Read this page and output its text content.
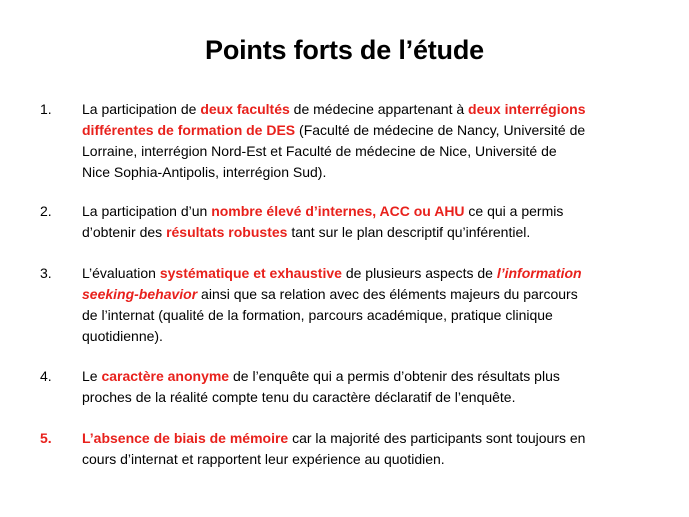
Points forts de l’étude
1. La participation de deux facultés de médecine appartenant à deux interrégions
différentes de formation de DES (Faculté de médecine de Nancy, Université de
Lorraine, interrégion Nord-Est et Faculté de médecine de Nice, Université de
Nice Sophia-Antipolis, interrégion Sud).
2. La participation d’un nombre élevé d’internes, ACC ou AHU ce qui a permis
d’obtenir des résultats robustes tant sur le plan descriptif qu’inférentiel.
3. L’évaluation systématique et exhaustive de plusieurs aspects de l’information
seeking-behavior ainsi que sa relation avec des éléments majeurs du parcours
de l’internat (qualité de la formation, parcours académique, pratique clinique
quotidienne).
4. Le caractère anonyme de l’enquête qui a permis d’obtenir des résultats plus
proches de la réalité compte tenu du caractère déclaratif de l’enquête.
5. L’absence de biais de mémoire car la majorité des participants sont toujours en
cours d’internat et rapportent leur expérience au quotidien.
